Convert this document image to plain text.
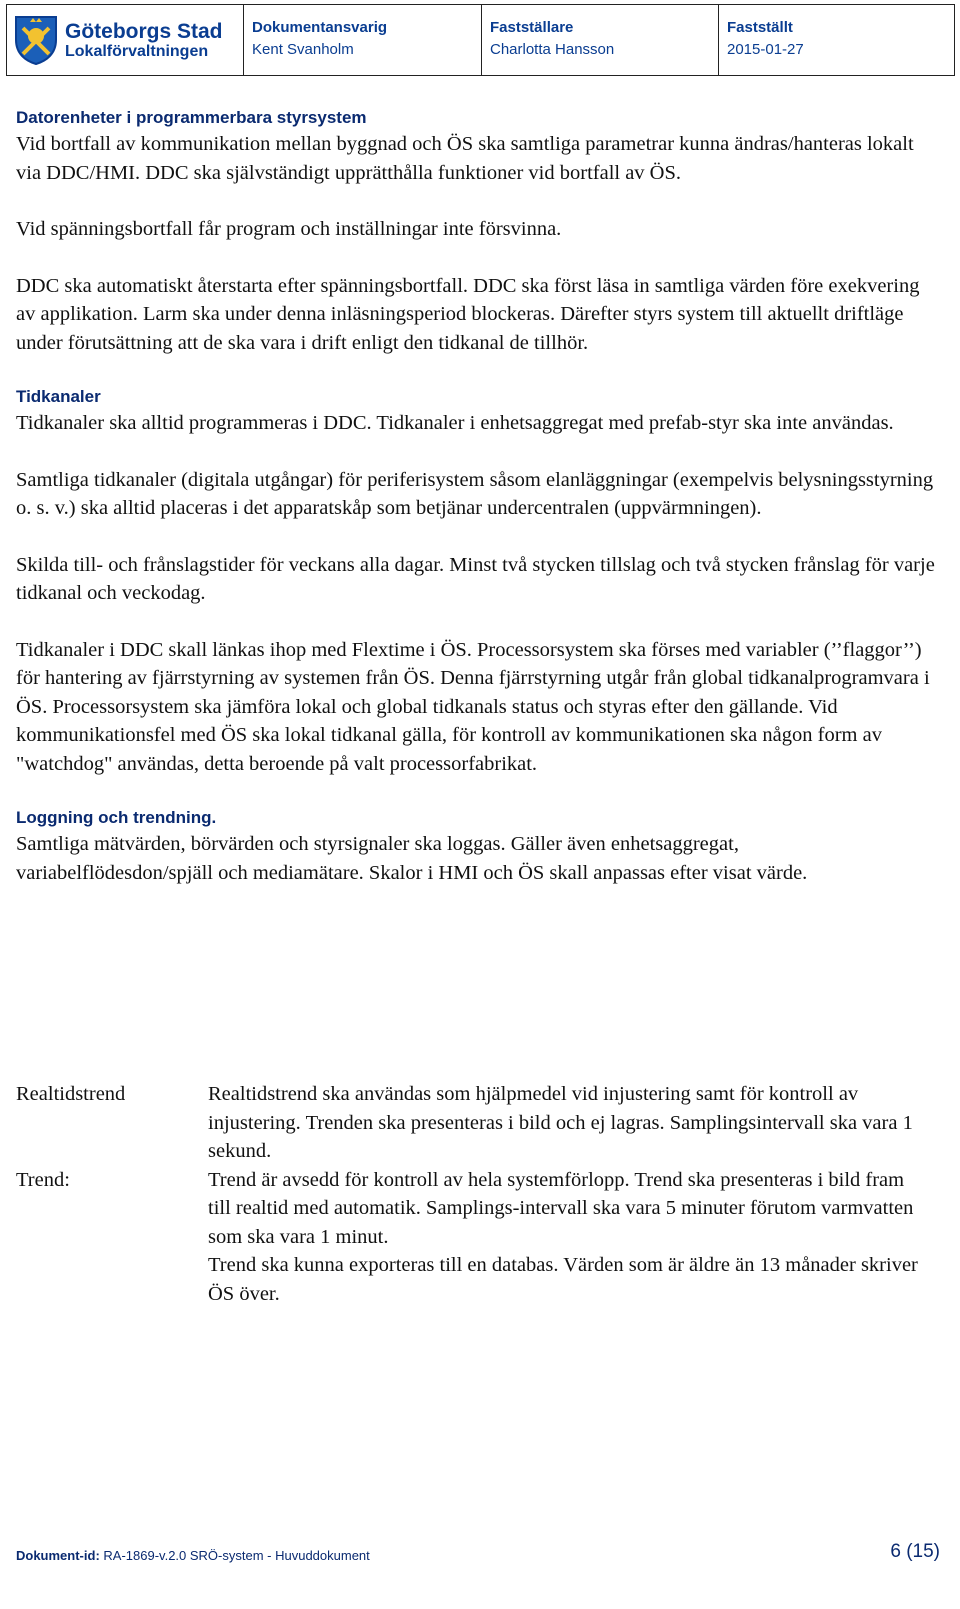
Göteborgs Stad
Lokalförvaltningen
Dokumentansvarig
Kent Svanholm
Fastställare
Charlotta Hansson
Fastställt
2015-01-27
Datorenheter i programmerbara styrsystem

Vid bortfall av kommunikation mellan byggnad och ÖS ska samtliga parametrar kunna ändras/hanteras lokalt via DDC/HMI. DDC ska självständigt upprätthålla funktioner vid bortfall av ÖS.

Vid spänningsbortfall får program och inställningar inte försvinna.

DDC ska automatiskt återstarta efter spänningsbortfall. DDC ska först läsa in samtliga värden före exekvering av applikation. Larm ska under denna inläsningsperiod blockeras. Därefter styrs system till aktuellt driftläge under förutsättning att de ska vara i drift enligt den tidkanal de tillhör.

Tidkanaler

Tidkanaler ska alltid programmeras i DDC. Tidkanaler i enhetsaggregat med prefab-styr ska inte användas.

Samtliga tidkanaler (digitala utgångar) för periferisystem såsom elanläggningar (exempelvis belysningsstyrning o. s. v.) ska alltid placeras i det apparatskåp som betjänar undercentralen (uppvärmningen).

Skilda till- och frånslagstider för veckans alla dagar. Minst två stycken tillslag och två stycken frånslag för varje tidkanal och veckodag.

Tidkanaler i DDC skall länkas ihop med Flextime i ÖS. Processorsystem ska förses med variabler (’’flaggor’’) för hantering av fjärrstyrning av systemen från ÖS. Denna fjärrstyrning utgår från global tidkanalprogramvara i ÖS. Processorsystem ska jämföra lokal och global tidkanals status och styras efter den gällande. Vid kommunikationsfel med ÖS ska lokal tidkanal gälla, för kontroll av kommunikationen ska någon form av "watchdog" användas, detta beroende på valt processorfabrikat.

Loggning och trendning.

Samtliga mätvärden, börvärden och styrsignaler ska loggas. Gäller även enhetsaggregat, variabelflödesdon/spjäll och mediamätare. Skalor i HMI och ÖS skall anpassas efter visat värde.

Realtidstrend	Realtidstrend ska användas som hjälpmedel vid injustering samt för kontroll av injustering. Trenden ska presenteras i bild och ej lagras. Samplingsintervall ska vara 1 sekund.
Trend:	Trend är avsedd för kontroll av hela systemförlopp. Trend ska presenteras i bild fram till realtid med automatik. Samplings-intervall ska vara 5 minuter förutom varmvatten som ska vara 1 minut.
Trend ska kunna exporteras till en databas. Värden som är äldre än 13 månader skriver ÖS över.
Dokument-id: RA-1869-v.2.0 SRÖ-system - Huvuddokument	6 (15)
